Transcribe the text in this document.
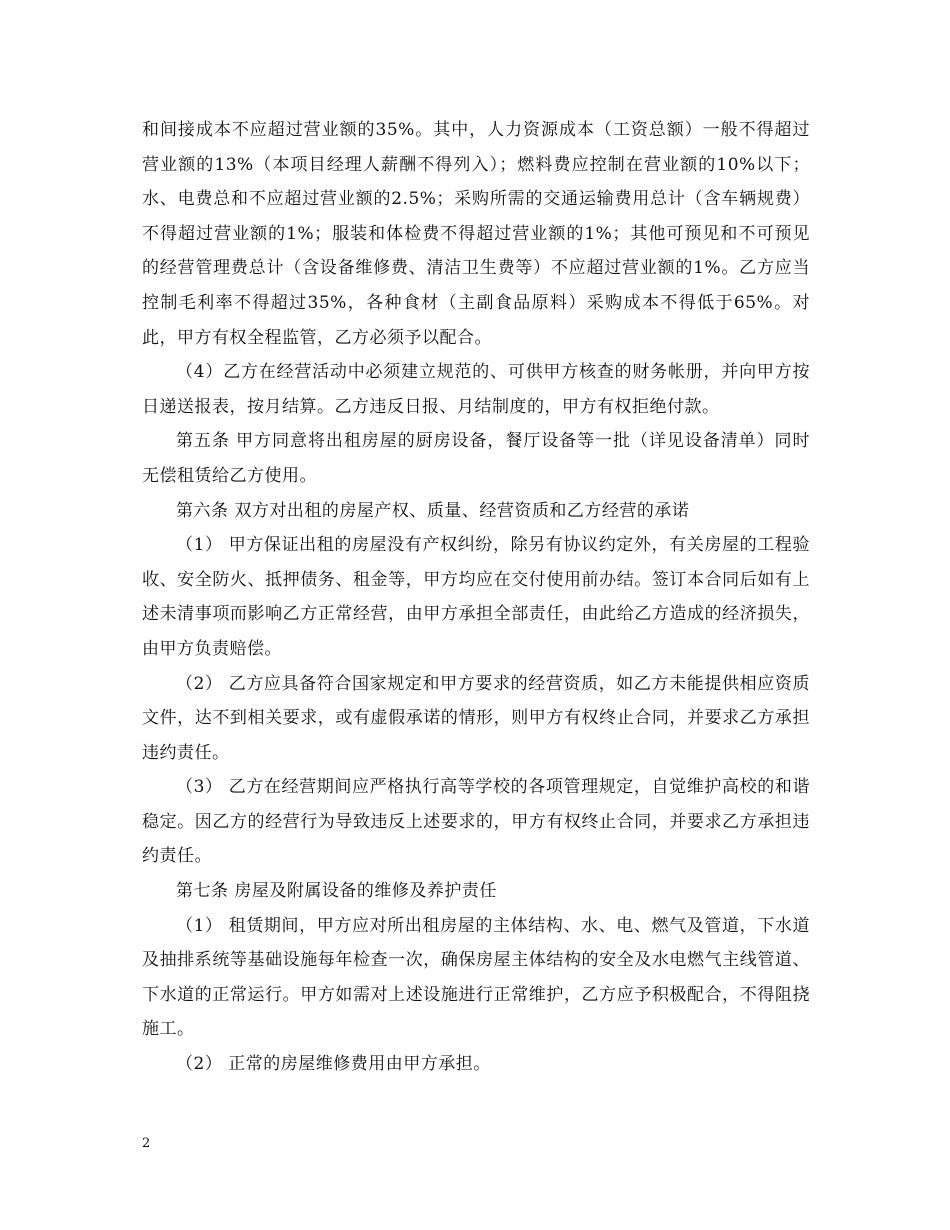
和间接成本不应超过营业额的35%。其中，人力资源成本（工资总额）一般不得超过营业额的13%（本项目经理人薪酬不得列入）；燃料费应控制在营业额的10%以下；水、电费总和不应超过营业额的2.5%；采购所需的交通运输费用总计（含车辆规费）不得超过营业额的1%；服装和体检费不得超过营业额的1%；其他可预见和不可预见的经营管理费总计（含设备维修费、清洁卫生费等）不应超过营业额的1%。乙方应当控制毛利率不得超过35%，各种食材（主副食品原料）采购成本不得低于65%。对此，甲方有权全程监管，乙方必须予以配合。

（4）乙方在经营活动中必须建立规范的、可供甲方核查的财务帐册，并向甲方按日递送报表，按月结算。乙方违反日报、月结制度的，甲方有权拒绝付款。

第五条 甲方同意将出租房屋的厨房设备，餐厅设备等一批（详见设备清单）同时无偿租赁给乙方使用。

第六条 双方对出租的房屋产权、质量、经营资质和乙方经营的承诺

（1） 甲方保证出租的房屋没有产权纠纷，除另有协议约定外，有关房屋的工程验收、安全防火、抵押债务、租金等，甲方均应在交付使用前办结。签订本合同后如有上述未清事项而影响乙方正常经营，由甲方承担全部责任，由此给乙方造成的经济损失，由甲方负责赔偿。

（2） 乙方应具备符合国家规定和甲方要求的经营资质，如乙方未能提供相应资质文件，达不到相关要求，或有虚假承诺的情形，则甲方有权终止合同，并要求乙方承担违约责任。

（3） 乙方在经营期间应严格执行高等学校的各项管理规定，自觉维护高校的和谐稳定。因乙方的经营行为导致违反上述要求的，甲方有权终止合同，并要求乙方承担违约责任。

第七条 房屋及附属设备的维修及养护责任

（1） 租赁期间，甲方应对所出租房屋的主体结构、水、电、燃气及管道，下水道及抽排系统等基础设施每年检查一次，确保房屋主体结构的安全及水电燃气主线管道、下水道的正常运行。甲方如需对上述设施进行正常维护，乙方应予积极配合，不得阻挠施工。

（2） 正常的房屋维修费用由甲方承担。

2
